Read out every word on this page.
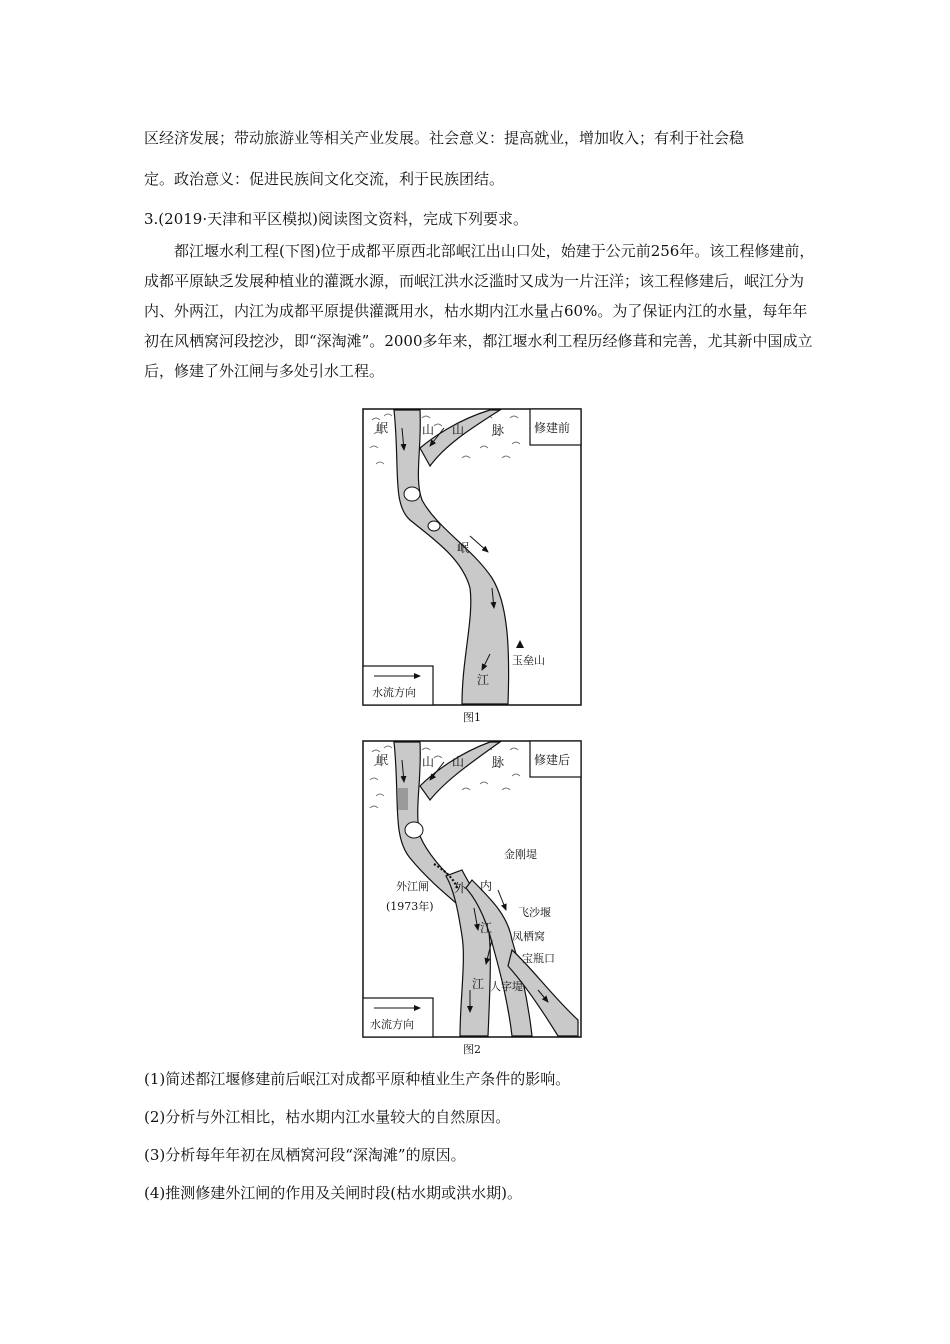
区经济发展；带动旅游业等相关产业发展。社会意义：提高就业，增加收入；有利于社会稳
定。政治意义：促进民族间文化交流，利于民族团结。
3.(2019·天津和平区模拟)阅读图文资料，完成下列要求。
都江堰水利工程(下图)位于成都平原西北部岷江出山口处，始建于公元前256年。该工程修建前，成都平原缺乏发展种植业的灌溉水源，而岷江洪水泛滥时又成为一片汪洋；该工程修建后，岷江分为内、外两江，内江为成都平原提供灌溉用水，枯水期内江水量占60%。为了保证内江的水量，每年年初在风栖窝河段挖沙，即“深淘滩”。2000多年来，都江堰水利工程历经修葺和完善，尤其新中国成立后，修建了外江闸与多处引水工程。
岷	山 山 脉 修建前
岷
江
玉垒山
水流方向
图1
岷	山 山 脉 修建后
金刚堤
外江闸
(1973年)
外 内
江
飞沙堰
凤栖窝
宝瓶口
江 人字堤
水流方向
图2
(1)简述都江堰修建前后岷江对成都平原种植业生产条件的影响。
(2)分析与外江相比，枯水期内江水量较大的自然原因。
(3)分析每年年初在凤栖窝河段“深淘滩”的原因。
(4)推测修建外江闸的作用及关闸时段(枯水期或洪水期)。
